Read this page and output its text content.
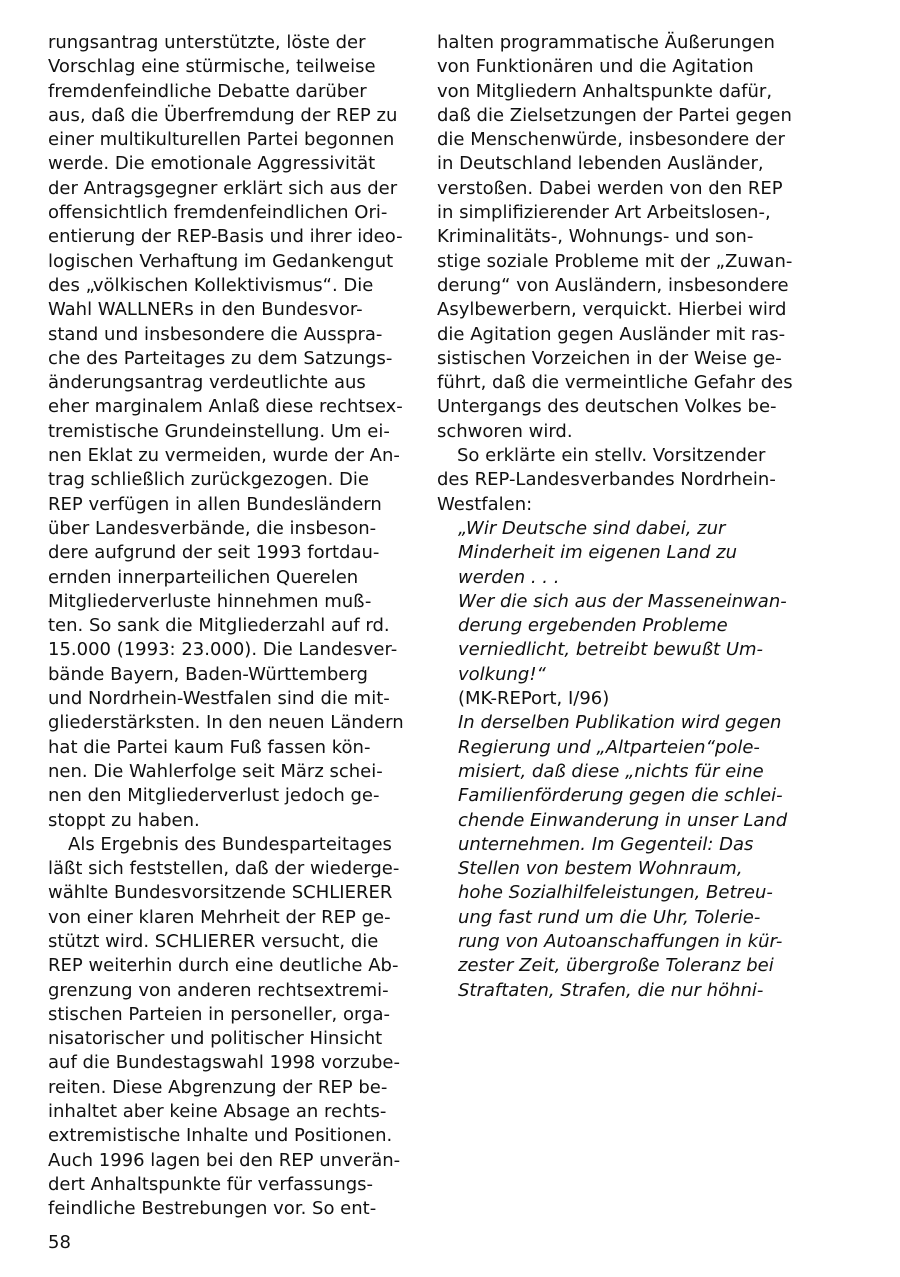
rungsantrag unterstützte, löste der
Vorschlag eine stürmische, teilweise
fremdenfeindliche Debatte darüber
aus, daß die Überfremdung der REP zu
einer multikulturellen Partei begonnen
werde. Die emotionale Aggressivität
der Antragsgegner erklärt sich aus der
offensichtlich fremdenfeindlichen Ori-
entierung der REP-Basis und ihrer ideo-
logischen Verhaftung im Gedankengut
des „völkischen Kollektivismus“. Die
Wahl WALLNERs in den Bundesvor-
stand und insbesondere die Ausspra-
che des Parteitages zu dem Satzungs-
änderungsantrag verdeutlichte aus
eher marginalem Anlaß diese rechtsex-
tremistische Grundeinstellung. Um ei-
nen Eklat zu vermeiden, wurde der An-
trag schließlich zurückgezogen. Die
REP verfügen in allen Bundesländern
über Landesverbände, die insbeson-
dere aufgrund der seit 1993 fortdau-
ernden innerparteilichen Querelen
Mitgliederverluste hinnehmen muß-
ten. So sank die Mitgliederzahl auf rd.
15.000 (1993: 23.000). Die Landesver-
bände Bayern, Baden-Württemberg
und Nordrhein-Westfalen sind die mit-
gliederstärksten. In den neuen Ländern
hat die Partei kaum Fuß fassen kön-
nen. Die Wahlerfolge seit März schei-
nen den Mitgliederverlust jedoch ge-
stoppt zu haben.
Als Ergebnis des Bundesparteitages
läßt sich feststellen, daß der wiederge-
wählte Bundesvorsitzende SCHLIERER
von einer klaren Mehrheit der REP ge-
stützt wird. SCHLIERER versucht, die
REP weiterhin durch eine deutliche Ab-
grenzung von anderen rechtsextremi-
stischen Parteien in personeller, orga-
nisatorischer und politischer Hinsicht
auf die Bundestagswahl 1998 vorzube-
reiten. Diese Abgrenzung der REP be-
inhaltet aber keine Absage an rechts-
extremistische Inhalte und Positionen.
Auch 1996 lagen bei den REP unverän-
dert Anhaltspunkte für verfassungs-
feindliche Bestrebungen vor. So ent-
halten programmatische Äußerungen
von Funktionären und die Agitation
von Mitgliedern Anhaltspunkte dafür,
daß die Zielsetzungen der Partei gegen
die Menschenwürde, insbesondere der
in Deutschland lebenden Ausländer,
verstoßen. Dabei werden von den REP
in simplifizierender Art Arbeitslosen-,
Kriminalitäts-, Wohnungs- und son-
stige soziale Probleme mit der „Zuwan-
derung“ von Ausländern, insbesondere
Asylbewerbern, verquickt. Hierbei wird
die Agitation gegen Ausländer mit ras-
sistischen Vorzeichen in der Weise ge-
führt, daß die vermeintliche Gefahr des
Untergangs des deutschen Volkes be-
schworen wird.
So erklärte ein stellv. Vorsitzender
des REP-Landesverbandes Nordrhein-
Westfalen:
„Wir Deutsche sind dabei, zur
Minderheit im eigenen Land zu
werden . . .
Wer die sich aus der Masseneinwan-
derung ergebenden Probleme
verniedlicht, betreibt bewußt Um-
volkung!“
(MK-REPort, I/96)
In derselben Publikation wird gegen
Regierung und „Altparteien“pole-
misiert, daß diese „nichts für eine
Familienförderung gegen die schlei-
chende Einwanderung in unser Land
unternehmen. Im Gegenteil: Das
Stellen von bestem Wohnraum,
hohe Sozialhilfeleistungen, Betreu-
ung fast rund um die Uhr, Tolerie-
rung von Autoanschaffungen in kür-
zester Zeit, übergroße Toleranz bei
Straftaten, Strafen, die nur höhni-
58
